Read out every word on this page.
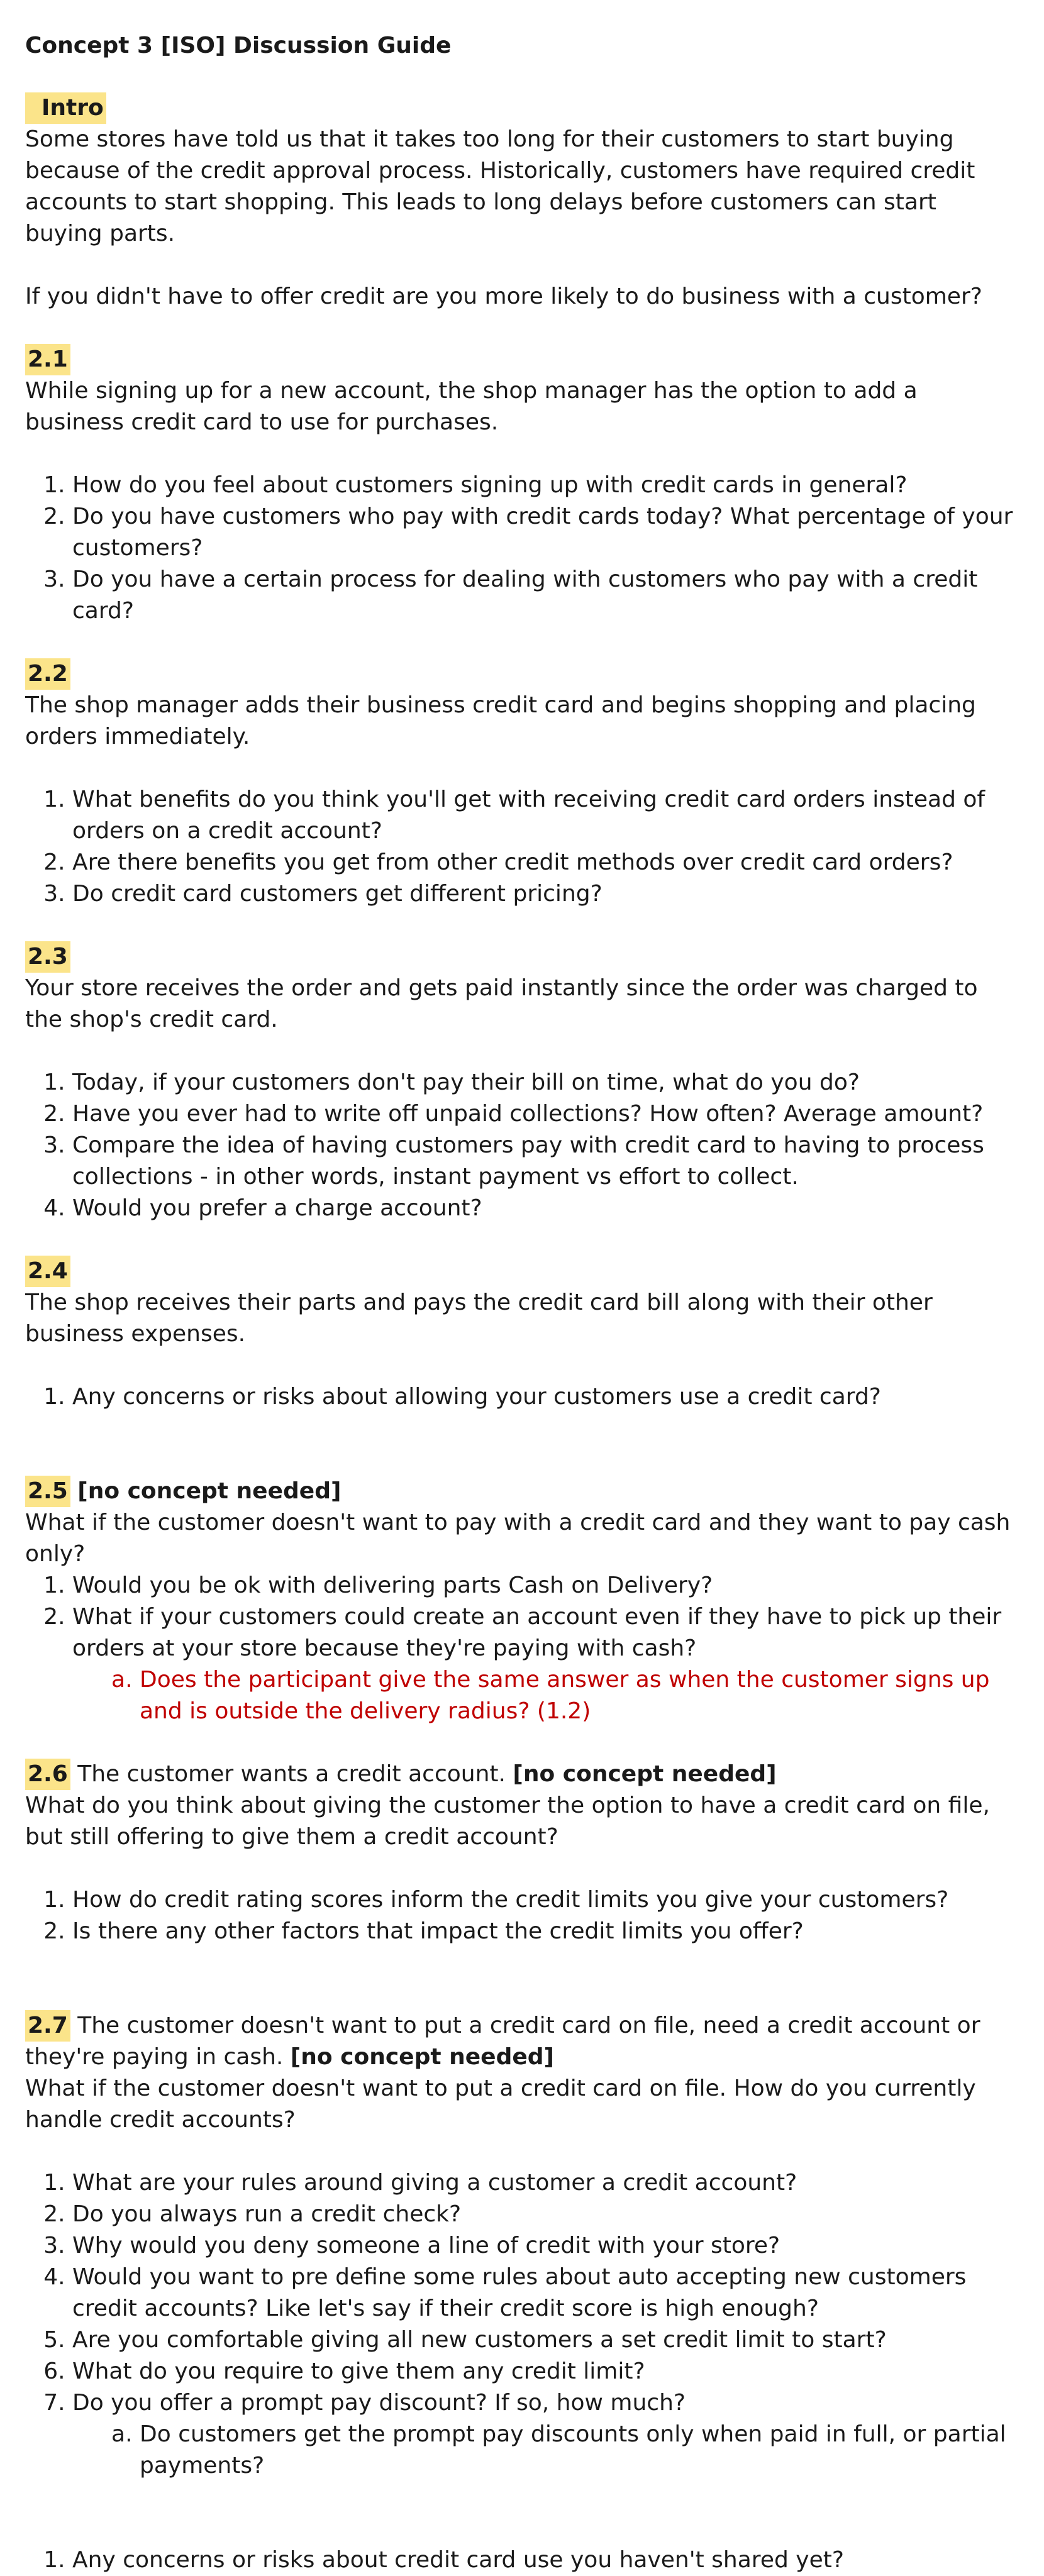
Concept 3 [ISO] Discussion Guide
Intro

Some stores have told us that it takes too long for their customers to start buying because of the credit approval process. Historically, customers have required credit accounts to start shopping. This leads to long delays before customers can start buying parts.

If you didn't have to offer credit are you more likely to do business with a customer?

2.1

While signing up for a new account, the shop manager has the option to add a business credit card to use for purchases.

1. How do you feel about customers signing up with credit cards in general?
2. Do you have customers who pay with credit cards today? What percentage of your customers?
3. Do you have a certain process for dealing with customers who pay with a credit card?
2.2

The shop manager adds their business credit card and begins shopping and placing orders immediately.

1. What benefits do you think you'll get with receiving credit card orders instead of orders on a credit account?
2. Are there benefits you get from other credit methods over credit card orders?
3. Do credit card customers get different pricing?
2.3

Your store receives the order and gets paid instantly since the order was charged to the shop's credit card.

1. Today, if your customers don't pay their bill on time, what do you do?
2. Have you ever had to write off unpaid collections? How often? Average amount?
3. Compare the idea of having customers pay with credit card to having to process collections - in other words, instant payment vs effort to collect.
4. Would you prefer a charge account?
2.4

The shop receives their parts and pays the credit card bill along with their other business expenses.

1. Any concerns or risks about allowing your customers use a credit card?

2.5 [no concept needed]

What if the customer doesn't want to pay with a credit card and they want to pay cash only?

1. Would you be ok with delivering parts Cash on Delivery?
2. What if your customers could create an account even if they have to pick up their orders at your store because they're paying with cash?
a. Does the participant give the same answer as when the customer signs up and is outside the delivery radius? (1.2)

2.6 The customer wants a credit account. [no concept needed]

What do you think about giving the customer the option to have a credit card on file, but still offering to give them a credit account?

1. How do credit rating scores inform the credit limits you give your customers?
2. Is there any other factors that impact the credit limits you offer?

2.7 The customer doesn't want to put a credit card on file, need a credit account or they're paying in cash. [no concept needed]

What if the customer doesn't want to put a credit card on file. How do you currently handle credit accounts?

1. What are your rules around giving a customer a credit account?
2. Do you always run a credit check?
3. Why would you deny someone a line of credit with your store?
4. Would you want to pre define some rules about auto accepting new customers credit accounts? Like let's say if their credit score is high enough?
5. Are you comfortable giving all new customers a set credit limit to start?
6. What do you require to give them any credit limit?
7. Do you offer a prompt pay discount? If so, how much?
a. Do customers get the prompt pay discounts only when paid in full, or partial payments?
1. Any concerns or risks about credit card use you haven't shared yet?
